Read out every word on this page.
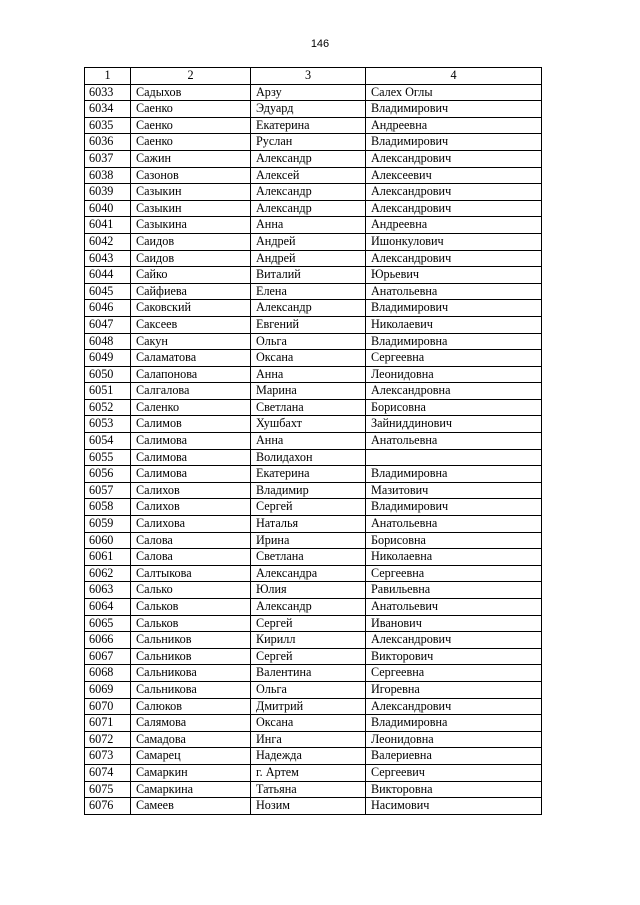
146
1	2	3	4
6033	Садыхов	Арзу	Салех Оглы
6034	Саенко	Эдуард	Владимирович
6035	Саенко	Екатерина	Андреевна
6036	Саенко	Руслан	Владимирович
6037	Сажин	Александр	Александрович
6038	Сазонов	Алексей	Алексеевич
6039	Сазыкин	Александр	Александрович
6040	Сазыкин	Александр	Александрович
6041	Сазыкина	Анна	Андреевна
6042	Саидов	Андрей	Ишонкулович
6043	Саидов	Андрей	Александрович
6044	Сайко	Виталий	Юрьевич
6045	Сайфиева	Елена	Анатольевна
6046	Саковский	Александр	Владимирович
6047	Саксеев	Евгений	Николаевич
6048	Сакун	Ольга	Владимировна
6049	Саламатова	Оксана	Сергеевна
6050	Салапонова	Анна	Леонидовна
6051	Салгалова	Марина	Александровна
6052	Саленко	Светлана	Борисовна
6053	Салимов	Хушбахт	Зайниддинович
6054	Салимова	Анна	Анатольевна
6055	Салимова	Волидахон	
6056	Салимова	Екатерина	Владимировна
6057	Салихов	Владимир	Мазитович
6058	Салихов	Сергей	Владимирович
6059	Салихова	Наталья	Анатольевна
6060	Салова	Ирина	Борисовна
6061	Салова	Светлана	Николаевна
6062	Салтыкова	Александра	Сергеевна
6063	Салько	Юлия	Равильевна
6064	Сальков	Александр	Анатольевич
6065	Сальков	Сергей	Иванович
6066	Сальников	Кирилл	Александрович
6067	Сальников	Сергей	Викторович
6068	Сальникова	Валентина	Сергеевна
6069	Сальникова	Ольга	Игоревна
6070	Салюков	Дмитрий	Александрович
6071	Салямова	Оксана	Владимировна
6072	Самадова	Инга	Леонидовна
6073	Самарец	Надежда	Валериевна
6074	Самаркин	г. Артем	Сергеевич
6075	Самаркина	Татьяна	Викторовна
6076	Самеев	Нозим	Насимович
